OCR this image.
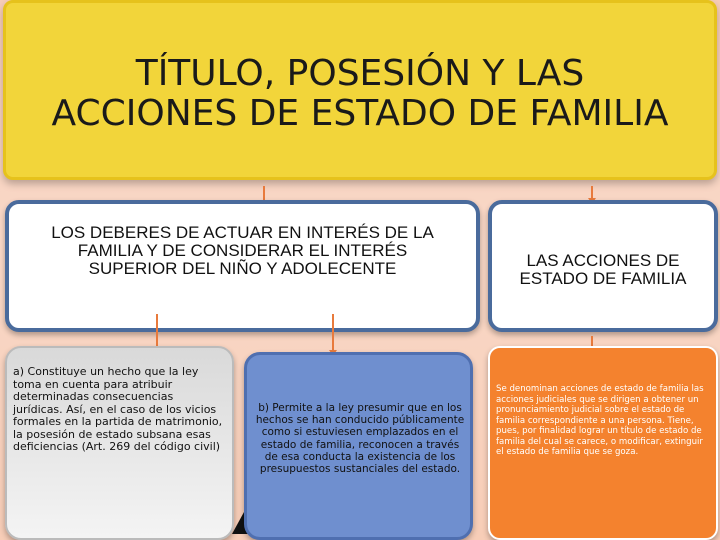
TÍTULO, POSESIÓN Y LAS
ACCIONES DE ESTADO DE FAMILIA
LOS DEBERES DE ACTUAR EN INTERÉS DE LA FAMILIA Y DE CONSIDERAR EL INTERÉS SUPERIOR DEL NIÑO Y ADOLECENTE	LAS ACCIONES DE ESTADO DE FAMILIA

a) Constituye un hecho que la ley toma en cuenta para atribuir determinadas consecuencias jurídicas. Así, en el caso de los vicios formales en la partida de matrimonio, la posesión de estado subsana esas deficiencias (Art. 269 del código civil)

b) Permite a la ley presumir que en los hechos se han conducido públicamente como si estuviesen emplazados en el estado de familia, reconocen a través de esa conducta la existencia de los presupuestos sustanciales del estado.

Se denominan acciones de estado de familia las acciones judiciales que se dirigen a obtener un pronunciamiento judicial sobre el estado de familia correspondiente a una persona. Tiene, pues, por finalidad lograr un título de estado de familia del cual se carece, o modificar, extinguir el estado de familia que se goza.
